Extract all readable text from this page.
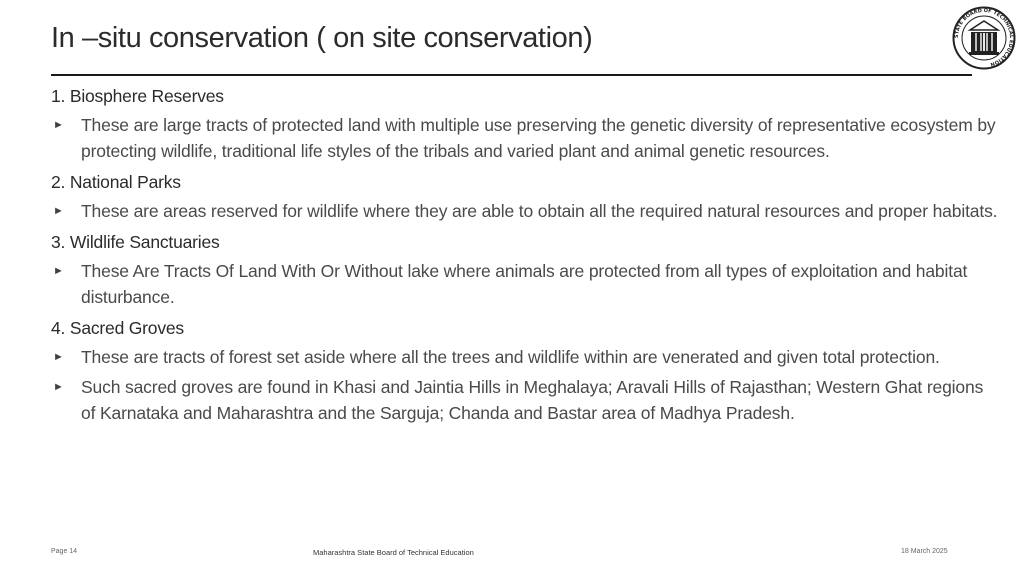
In –situ conservation ( on site conservation)	STATE BOARD OF TECHNICAL EDUCATION

1. Biosphere Reserves

► These are large tracts of protected land with multiple use preserving the genetic diversity of representative ecosystem by protecting wildlife, traditional life styles of the tribals and varied plant and animal genetic resources.

2. National Parks

► These are areas reserved for wildlife where they are able to obtain all the required natural resources and proper habitats.

3. Wildlife Sanctuaries

► These Are Tracts Of Land With Or Without lake where animals are protected from all types of exploitation and habitat disturbance.

4. Sacred Groves

► These are tracts of forest set aside where all the trees and wildlife within are venerated and given total protection.
► Such sacred groves are found in Khasi and Jaintia Hills in Meghalaya; Aravali Hills of Rajasthan; Western Ghat regions of Karnataka and Maharashtra and the Sarguja; Chanda and Bastar area of Madhya Pradesh.
Page 14	Maharashtra State Board of Technical Education	18 March 2025
